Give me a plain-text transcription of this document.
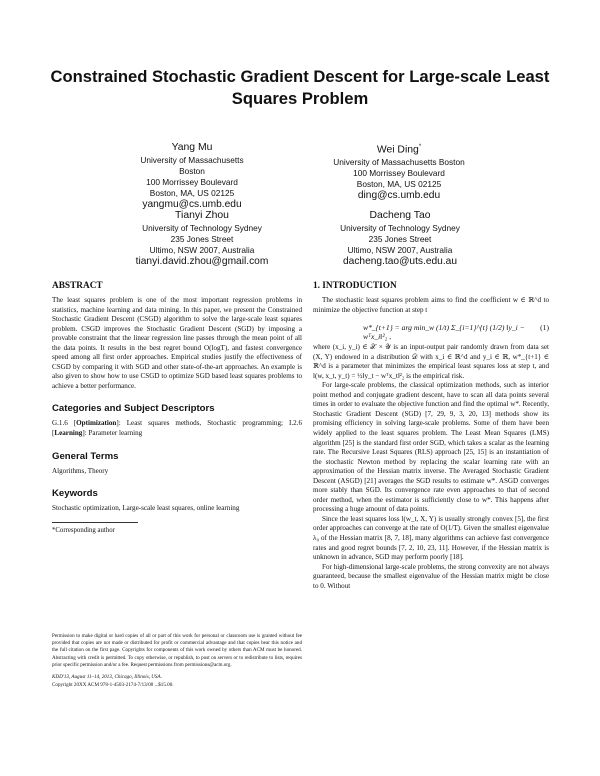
Constrained Stochastic Gradient Descent for Large-scale Least Squares Problem
Yang Mu
University of Massachusetts
Boston
100 Morrissey Boulevard
Boston, MA, US 02125
yangmu@cs.umb.edu
Wei Ding*
University of Massachusetts Boston
100 Morrissey Boulevard
Boston, MA, US 02125
ding@cs.umb.edu
Tianyi Zhou
University of Technology Sydney
235 Jones Street
Ultimo, NSW 2007, Australia
tianyi.david.zhou@gmail.com
Dacheng Tao
University of Technology Sydney
235 Jones Street
Ultimo, NSW 2007, Australia
dacheng.tao@uts.edu.au
ABSTRACT

The least squares problem is one of the most important regression problems in statistics, machine learning and data mining. In this paper, we present the Constrained Stochastic Gradient Descent (CSGD) algorithm to solve the large-scale least squares problem. CSGD improves the Stochastic Gradient Descent (SGD) by imposing a provable constraint that the linear regression line passes through the mean point of all the data points. It results in the best regret bound O(logT), and fastest convergence speed among all first order approaches. Empirical studies justify the effectiveness of CSGD by comparing it with SGD and other state-of-the-art approaches. An example is also given to show how to use CSGD to optimize SGD based least squares problems to achieve a better performance.

Categories and Subject Descriptors

G.1.6 [Optimization]: Least squares methods, Stochastic programming; I.2.6 [Learning]: Parameter learning

General Terms

Algorithms, Theory

Keywords

Stochastic optimization, Large-scale least squares, online learning

*Corresponding author

Permission to make digital or hard copies of all or part of this work for personal or classroom use is granted without fee provided that copies are not made or distributed for profit or commercial advantage and that copies bear this notice and the full citation on the first page. Copyrights for components of this work owned by others than ACM must be honored. Abstracting with credit is permitted. To copy otherwise, or republish, to post on servers or to redistribute to lists, requires prior specific permission and/or a fee. Request permissions from permissions@acm.org.

KDD'13, August 11–14, 2013, Chicago, Illinois, USA.

Copyright 20XX ACM 978-1-4503-2174-7/13/08 ...$15.00.

1. INTRODUCTION

The stochastic least squares problem aims to find the coefficient w ∈ ℝ^d to minimize the objective function at step t

w*_{t+1} = arg min_w (1/t) Σ_{i=1}^{t} (1/2) ‖y_i − wᵀx_i‖²₂ ,
(1)

where (x_i, y_i) ∈ 𝒳 × 𝒴 is an input-output pair randomly drawn from data set (X, Y) endowed in a distribution 𝒟 with x_i ∈ ℝ^d and y_i ∈ ℝ, w*_{t+1} ∈ ℝ^d is a parameter that minimizes the empirical least squares loss at step t, and l(w, x_t, y_t) = ½‖y_t − wᵀx_t‖²₂ is the empirical risk.

For large-scale problems, the classical optimization methods, such as interior point method and conjugate gradient descent, have to scan all data points several times in order to evaluate the objective function and find the optimal w*. Recently, Stochastic Gradient Descent (SGD) [7, 29, 9, 3, 20, 13] methods show its promising efficiency in solving large-scale problems. Some of them have been widely applied to the least squares problem. The Least Mean Squares (LMS) algorithm [25] is the standard first order SGD, which takes a scalar as the learning rate. The Recursive Least Squares (RLS) approach [25, 15] is an instantiation of the stochastic Newton method by replacing the scalar learning rate with an approximation of the Hessian matrix inverse. The Averaged Stochastic Gradient Descent (ASGD) [21] averages the SGD results to estimate w*. ASGD converges more stably than SGD. Its convergence rate even approaches to that of second order method, when the estimator is sufficiently close to w*. This happens after processing a huge amount of data points.

Since the least squares loss l(w_t, X, Y) is usually strongly convex [5], the first order approaches can converge at the rate of O(1/T). Given the smallest eigenvalue λ₀ of the Hessian matrix [8, 7, 18], many algorithms can achieve fast convergence rates and good regret bounds [7, 2, 10, 23, 11]. However, if the Hessian matrix is unknown in advance, SGD may perform poorly [18].

For high-dimensional large-scale problems, the strong convexity are not always guaranteed, because the smallest eigenvalue of the Hessian matrix might be close to 0. Without
